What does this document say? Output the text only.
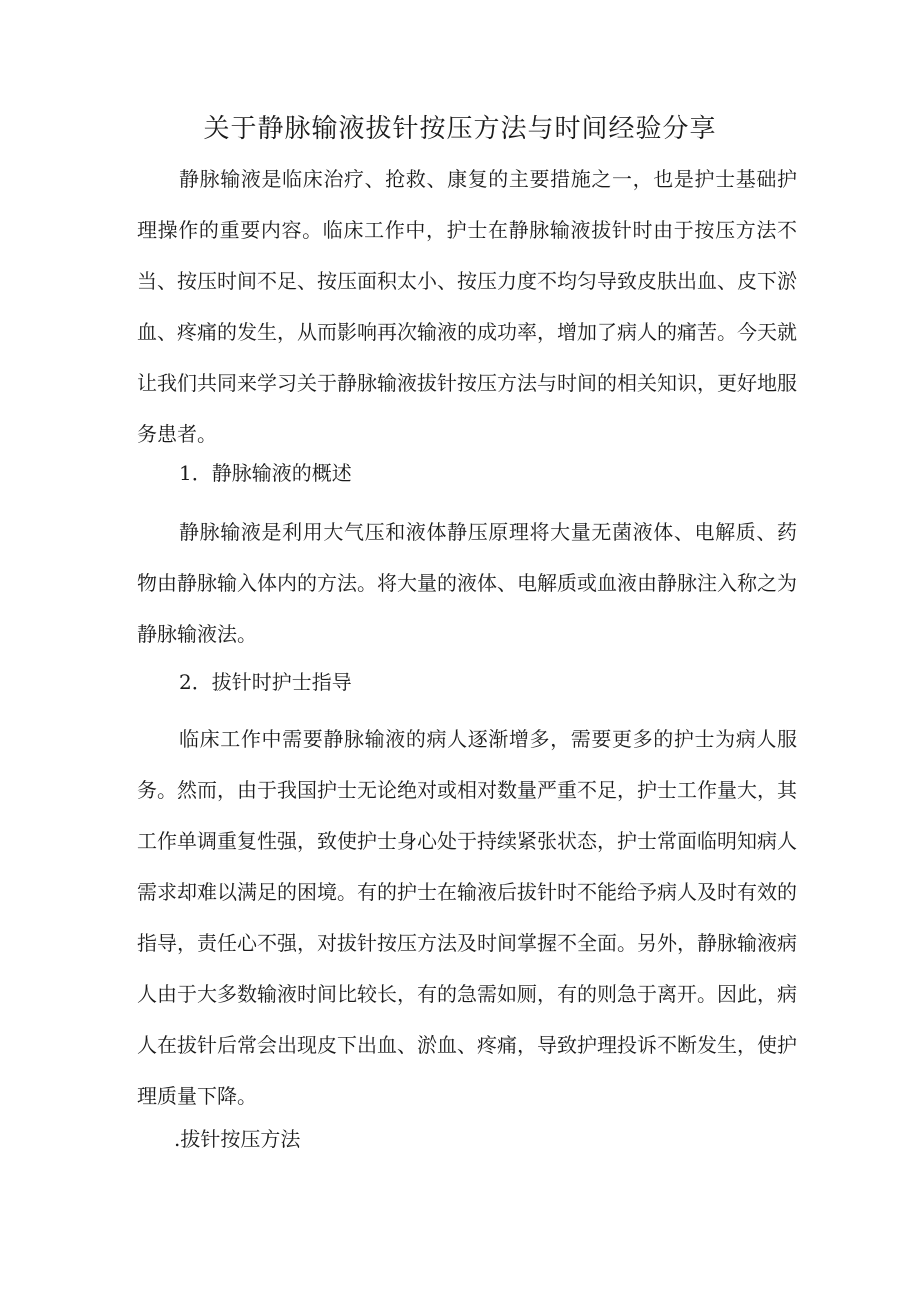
关于静脉输液拔针按压方法与时间经验分享

静脉输液是临床治疗、抢救、康复的主要措施之一，也是护士基础护理操作的重要内容。临床工作中，护士在静脉输液拔针时由于按压方法不当、按压时间不足、按压面积太小、按压力度不均匀导致皮肤出血、皮下淤血、疼痛的发生，从而影响再次输液的成功率，增加了病人的痛苦。今天就让我们共同来学习关于静脉输液拔针按压方法与时间的相关知识，更好地服务患者。

1．静脉输液的概述

静脉输液是利用大气压和液体静压原理将大量无菌液体、电解质、药物由静脉输入体内的方法。将大量的液体、电解质或血液由静脉注入称之为静脉输液法。

2．拔针时护士指导

临床工作中需要静脉输液的病人逐渐增多，需要更多的护士为病人服务。然而，由于我国护士无论绝对或相对数量严重不足，护士工作量大，其工作单调重复性强，致使护士身心处于持续紧张状态，护士常面临明知病人需求却难以满足的困境。有的护士在输液后拔针时不能给予病人及时有效的指导，责任心不强，对拔针按压方法及时间掌握不全面。另外，静脉输液病人由于大多数输液时间比较长，有的急需如厕，有的则急于离开。因此，病人在拔针后常会出现皮下出血、淤血、疼痛，导致护理投诉不断发生，使护理质量下降。

.拔针按压方法
